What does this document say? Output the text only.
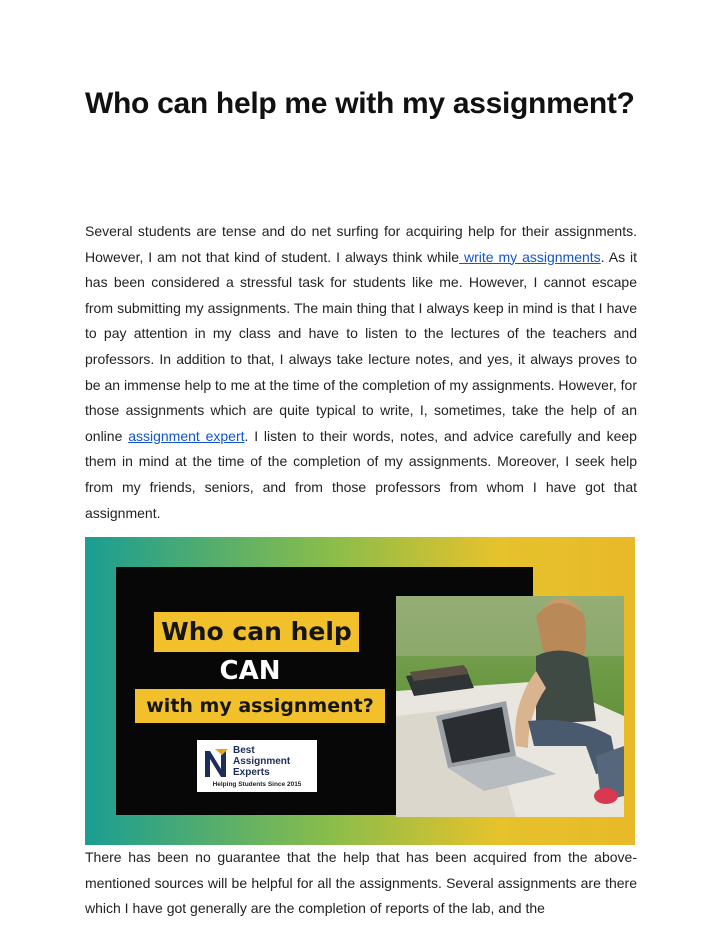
Who can help me with my assignment?

Several students are tense and do net surfing for acquiring help for their assignments. However, I am not that kind of student. I always think while write my assignments. As it has been considered a stressful task for students like me. However, I cannot escape from submitting my assignments. The main thing that I always keep in mind is that I have to pay attention in my class and have to listen to the lectures of the teachers and professors. In addition to that, I always take lecture notes, and yes, it always proves to be an immense help to me at the time of the completion of my assignments. However, for those assignments which are quite typical to write, I, sometimes, take the help of an online assignment expert. I listen to their words, notes, and advice carefully and keep them in mind at the time of the completion of my assignments. Moreover, I seek help from my friends, seniors, and from those professors from whom I have got that assignment.

Who can help
CAN
with my assignment?
Best
Assignment
Experts
Helping Students Since 2015

There has been no guarantee that the help that has been acquired from the above-mentioned sources will be helpful for all the assignments. Several assignments are there which I have got generally are the completion of reports of the lab, and the
